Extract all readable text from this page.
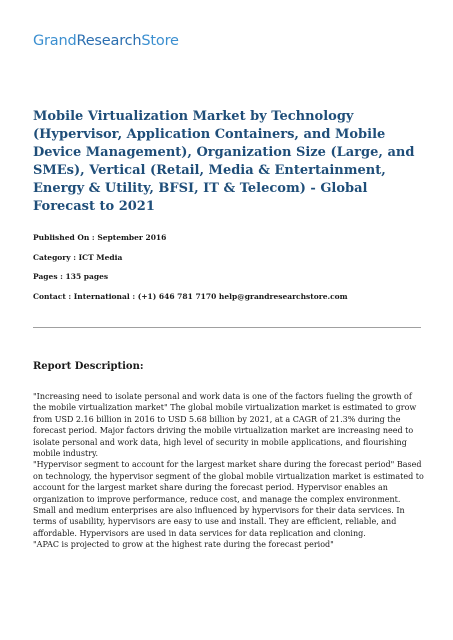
GrandResearchStore
Mobile Virtualization Market by Technology (Hypervisor, Application Containers, and Mobile Device Management), Organization Size (Large, and SMEs), Vertical (Retail, Media & Entertainment, Energy & Utility, BFSI, IT & Telecom) - Global Forecast to 2021

Published On : September 2016

Category : ICT Media

Pages : 135 pages

Contact : International : (+1) 646 781 7170 help@grandresearchstore.com

Report Description:

"Increasing need to isolate personal and work data is one of the factors fueling the growth of the mobile virtualization market" The global mobile virtualization market is estimated to grow from USD 2.16 billion in 2016 to USD 5.68 billion by 2021, at a CAGR of 21.3% during the forecast period. Major factors driving the mobile virtualization market are increasing need to isolate personal and work data, high level of security in mobile applications, and flourishing mobile industry.

"Hypervisor segment to account for the largest market share during the forecast period" Based on technology, the hypervisor segment of the global mobile virtualization market is estimated to account for the largest market share during the forecast period. Hypervisor enables an organization to improve performance, reduce cost, and manage the complex environment. Small and medium enterprises are also influenced by hypervisors for their data services. In terms of usability, hypervisors are easy to use and install. They are efficient, reliable, and affordable. Hypervisors are used in data services for data replication and cloning.

"APAC is projected to grow at the highest rate during the forecast period"
